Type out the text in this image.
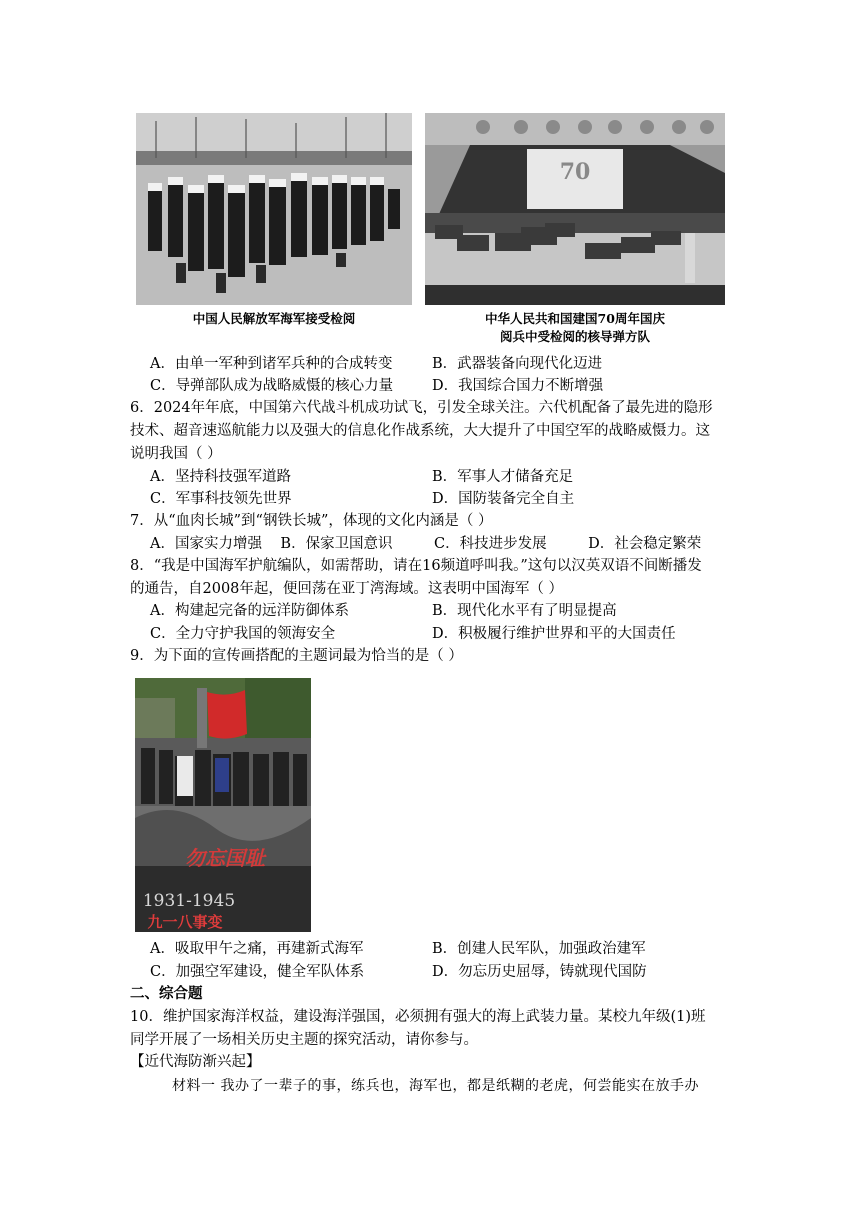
中国人民解放军海军接受检阅
70
中华人民共和国建国70周年国庆
阅兵中受检阅的核导弹方队
A．由单一军种到诸军兵种的合成转变	B．武器装备向现代化迈进
C．导弹部队成为战略威慑的核心力量	D．我国综合国力不断增强
6．2024年年底，中国第六代战斗机成功试飞，引发全球关注。六代机配备了最先进的隐形
技术、超音速巡航能力以及强大的信息化作战系统，大大提升了中国空军的战略威慑力。这
说明我国（ ）
A．坚持科技强军道路	B．军事人才储备充足
C．军事科技领先世界	D．国防装备完全自主
7．从“血肉长城”到“钢铁长城”，体现的文化内涵是（ ）
A．国家实力增强    B．保家卫国意识         C．科技进步发展         D．社会稳定繁荣
8．“我是中国海军护航编队，如需帮助，请在16频道呼叫我。”这句以汉英双语不间断播发
的通告，自2008年起，便回荡在亚丁湾海域。这表明中国海军（ ）
A．构建起完备的远洋防御体系	B．现代化水平有了明显提高
C．全力守护我国的领海安全	D．积极履行维护世界和平的大国责任
9．为下面的宣传画搭配的主题词最为恰当的是（ ）
勿忘国耻
1931-1945
九一八事变
A．吸取甲午之痛，再建新式海军	B．创建人民军队，加强政治建军
C．加强空军建设，健全军队体系	D．勿忘历史屈辱，铸就现代国防
二、综合题
10．维护国家海洋权益，建设海洋强国，必须拥有强大的海上武装力量。某校九年级(1)班
同学开展了一场相关历史主题的探究活动，请你参与。
【近代海防渐兴起】
材料一 我办了一辈子的事，练兵也，海军也，都是纸糊的老虎，何尝能实在放手办
